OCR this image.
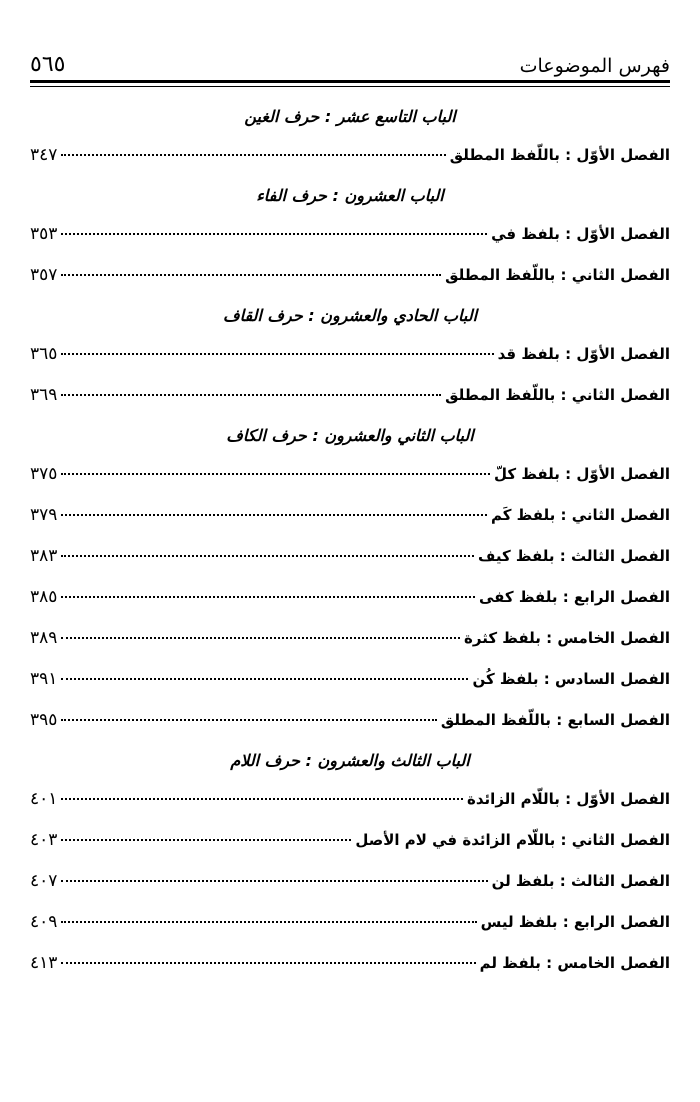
٥٦٥	فهرس الموضوعات
الباب التاسع عشر : حرف الغين
الفصل الأوّل : باللّفظ المطلق
٣٤٧
الباب العشرون : حرف الفاء
الفصل الأوّل : بلفظ في
٣٥٣
الفصل الثاني : باللّفظ المطلق
٣٥٧
الباب الحادي والعشرون : حرف القاف
الفصل الأوّل : بلفظ قد
٣٦٥
الفصل الثاني : باللّفظ المطلق
٣٦٩
الباب الثاني والعشرون : حرف الكاف
الفصل الأوّل : بلفظ كلّ
٣٧٥
الفصل الثاني : بلفظ كَم
٣٧٩
الفصل الثالث : بلفظ كيف
٣٨٣
الفصل الرابع : بلفظ كفى
٣٨٥
الفصل الخامس : بلفظ كثرة
٣٨٩
الفصل السادس : بلفظ كُن
٣٩١
الفصل السابع : باللّفظ المطلق
٣٩٥
الباب الثالث والعشرون : حرف اللام
الفصل الأوّل : باللّام الزائدة
٤٠١
الفصل الثاني : باللّام الزائدة في لام الأصل
٤٠٣
الفصل الثالث : بلفظ لن
٤٠٧
الفصل الرابع : بلفظ ليس
٤٠٩
الفصل الخامس : بلفظ لم
٤١٣
